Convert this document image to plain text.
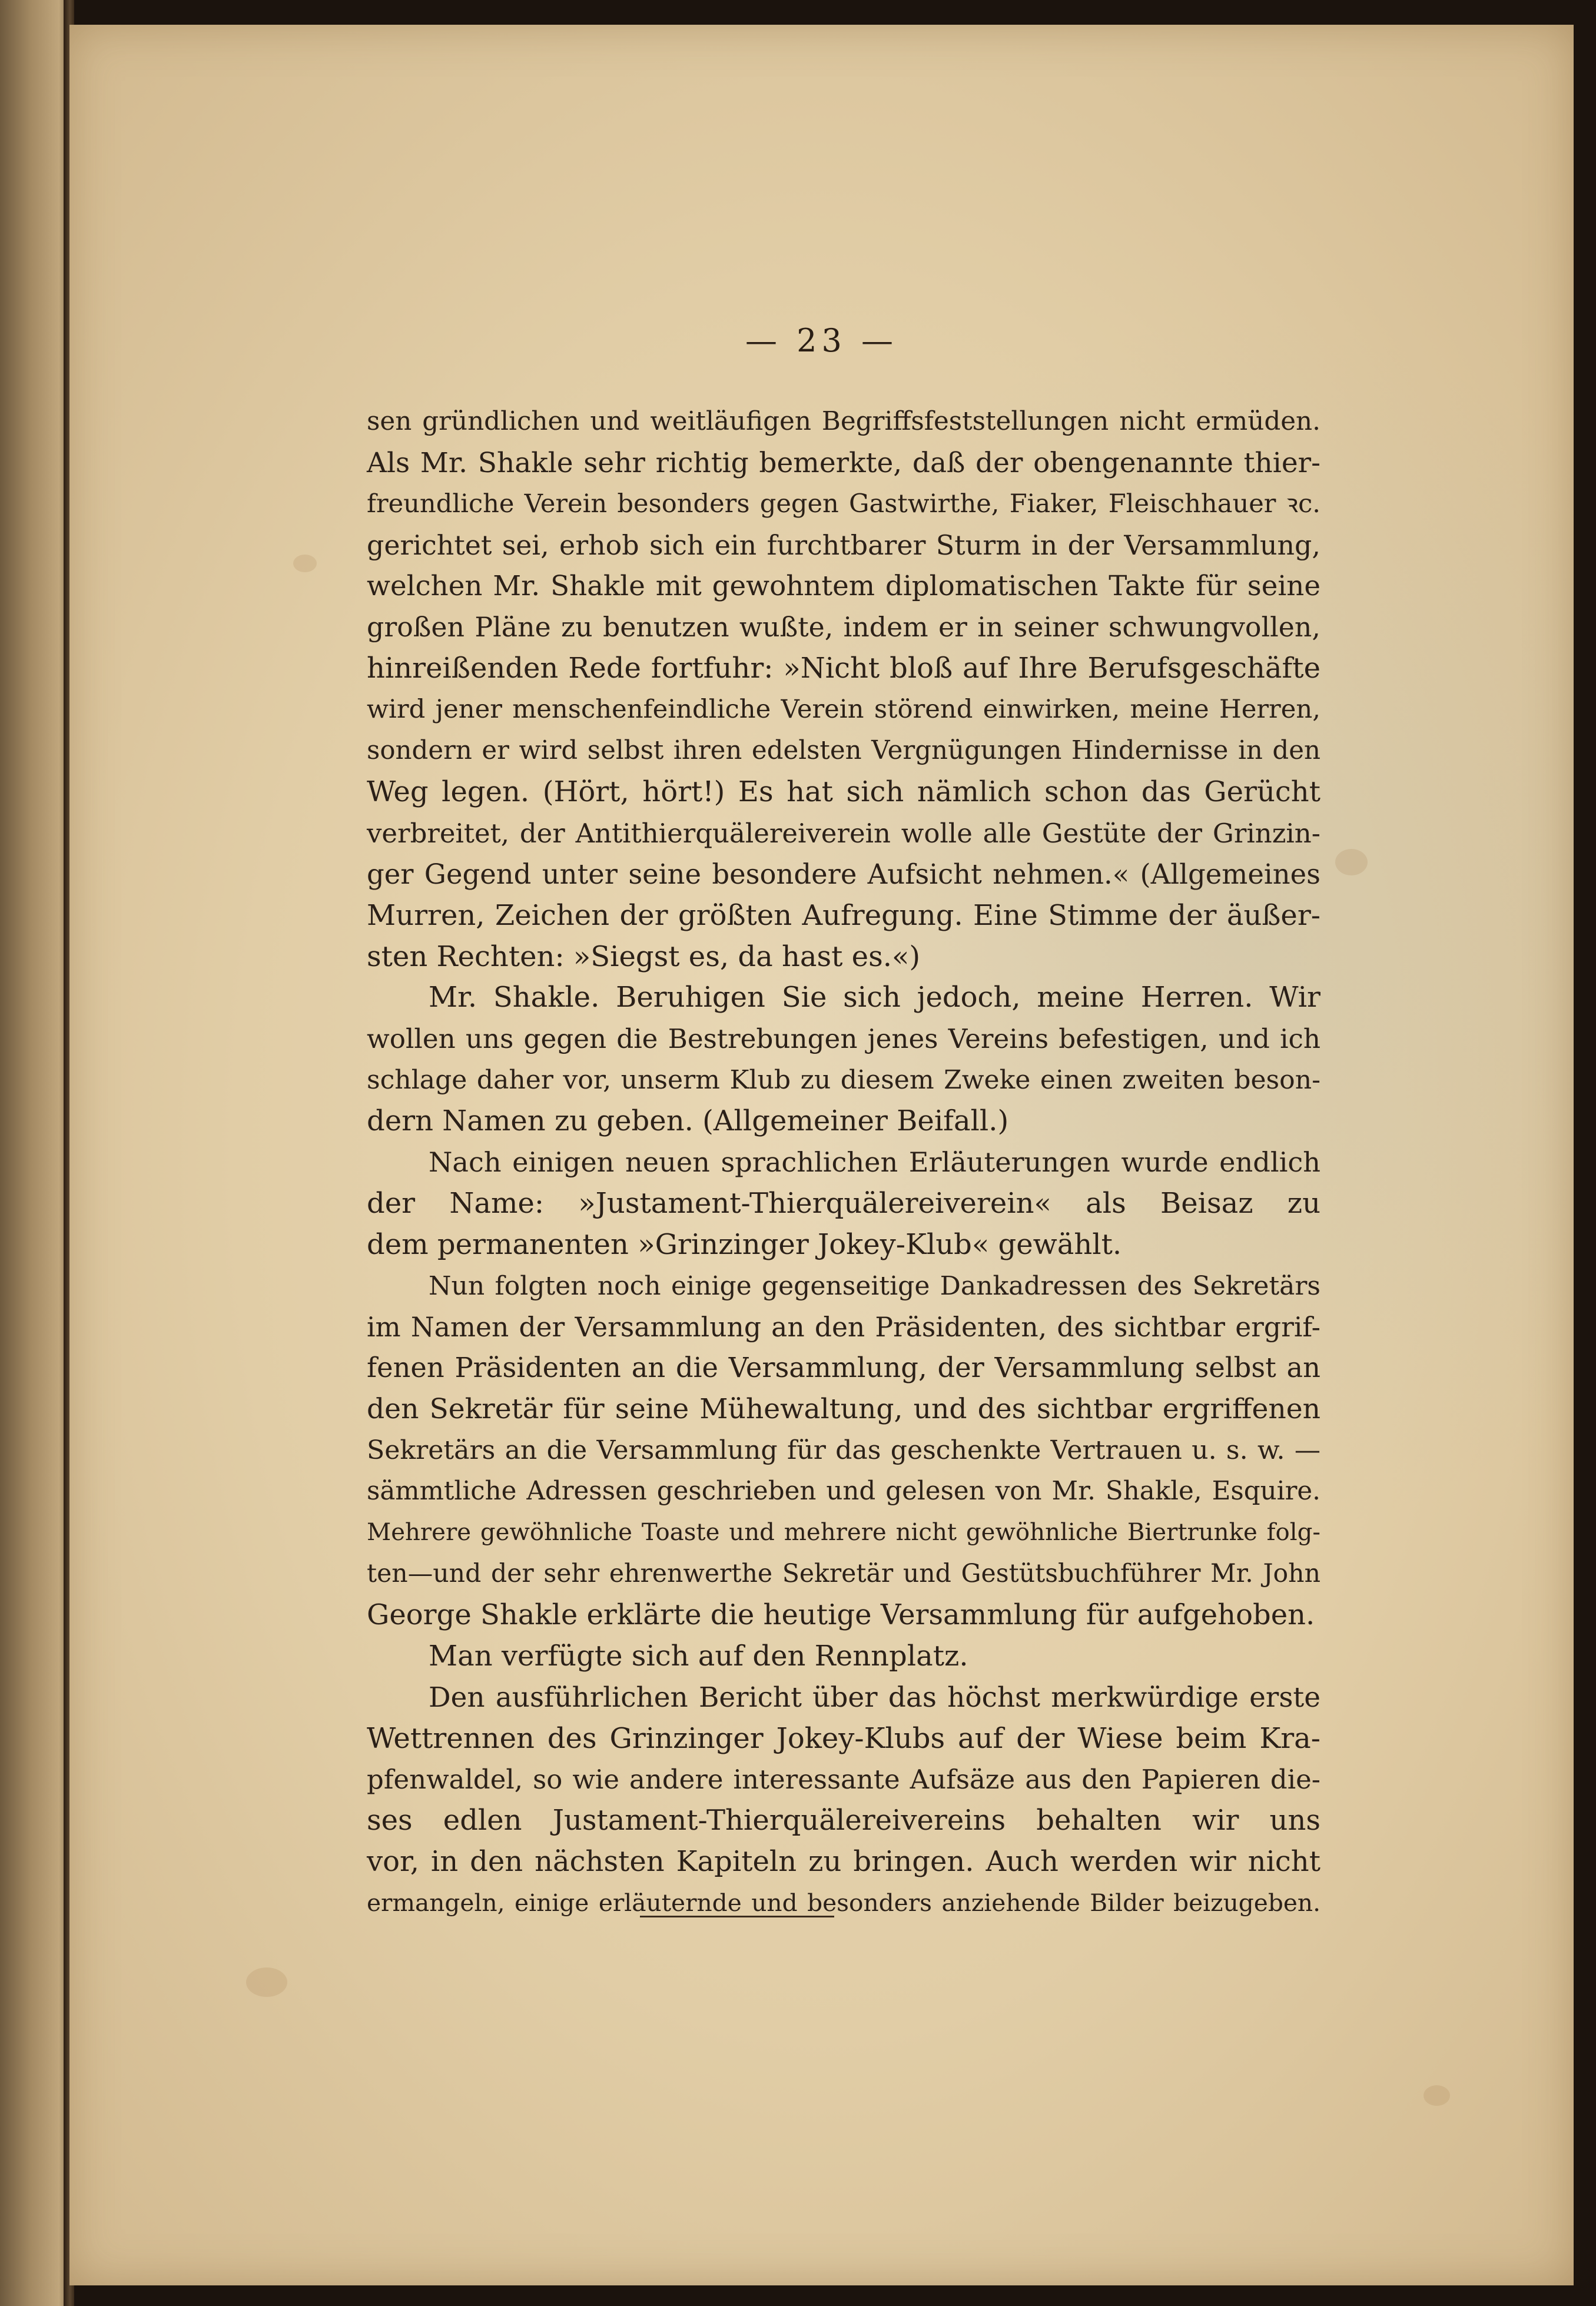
— 23 —

sen gründlichen und weitläufigen Begriffsfeststellungen nicht ermüden.
Als Mr. Shakle sehr richtig bemerkte, daß der obengenannte thier-
freundliche Verein besonders gegen Gastwirthe, Fiaker, Fleischhauer ꝛc.
gerichtet sei, erhob sich ein furchtbarer Sturm in der Versammlung,
welchen Mr. Shakle mit gewohntem diplomatischen Takte für seine
großen Pläne zu benutzen wußte, indem er in seiner schwungvollen,
hinreißenden Rede fortfuhr: »Nicht bloß auf Ihre Berufsgeschäfte
wird jener menschenfeindliche Verein störend einwirken, meine Herren,
sondern er wird selbst ihren edelsten Vergnügungen Hindernisse in den
Weg legen. (Hört, hört!) Es hat sich nämlich schon das Gerücht
verbreitet, der Antithierquälereiverein wolle alle Gestüte der Grinzin-
ger Gegend unter seine besondere Aufsicht nehmen.« (Allgemeines
Murren, Zeichen der größten Aufregung. Eine Stimme der äußer-
sten Rechten: »Siegst es, da hast es.«)
Mr. Shakle. Beruhigen Sie sich jedoch, meine Herren. Wir
wollen uns gegen die Bestrebungen jenes Vereins befestigen, und ich
schlage daher vor, unserm Klub zu diesem Zweke einen zweiten beson-
dern Namen zu geben. (Allgemeiner Beifall.)
Nach einigen neuen sprachlichen Erläuterungen wurde endlich
der Name: »Justament-Thierquälereiverein« als Beisaz zu
dem permanenten »Grinzinger Jokey-Klub« gewählt.
Nun folgten noch einige gegenseitige Dankadressen des Sekretärs
im Namen der Versammlung an den Präsidenten, des sichtbar ergrif-
fenen Präsidenten an die Versammlung, der Versammlung selbst an
den Sekretär für seine Mühewaltung, und des sichtbar ergriffenen
Sekretärs an die Versammlung für das geschenkte Vertrauen u. s. w. —
sämmtliche Adressen geschrieben und gelesen von Mr. Shakle, Esquire.
Mehrere gewöhnliche Toaste und mehrere nicht gewöhnliche Biertrunke folg-
ten—und der sehr ehrenwerthe Sekretär und Gestütsbuchführer Mr. John
George Shakle erklärte die heutige Versammlung für aufgehoben.
Man verfügte sich auf den Rennplatz.
Den ausführlichen Bericht über das höchst merkwürdige erste
Wettrennen des Grinzinger Jokey-Klubs auf der Wiese beim Kra-
pfenwaldel, so wie andere interessante Aufsäze aus den Papieren die-
ses edlen Justament-Thierquälereivereins behalten wir uns
vor, in den nächsten Kapiteln zu bringen. Auch werden wir nicht
ermangeln, einige erläuternde und besonders anziehende Bilder beizugeben.
